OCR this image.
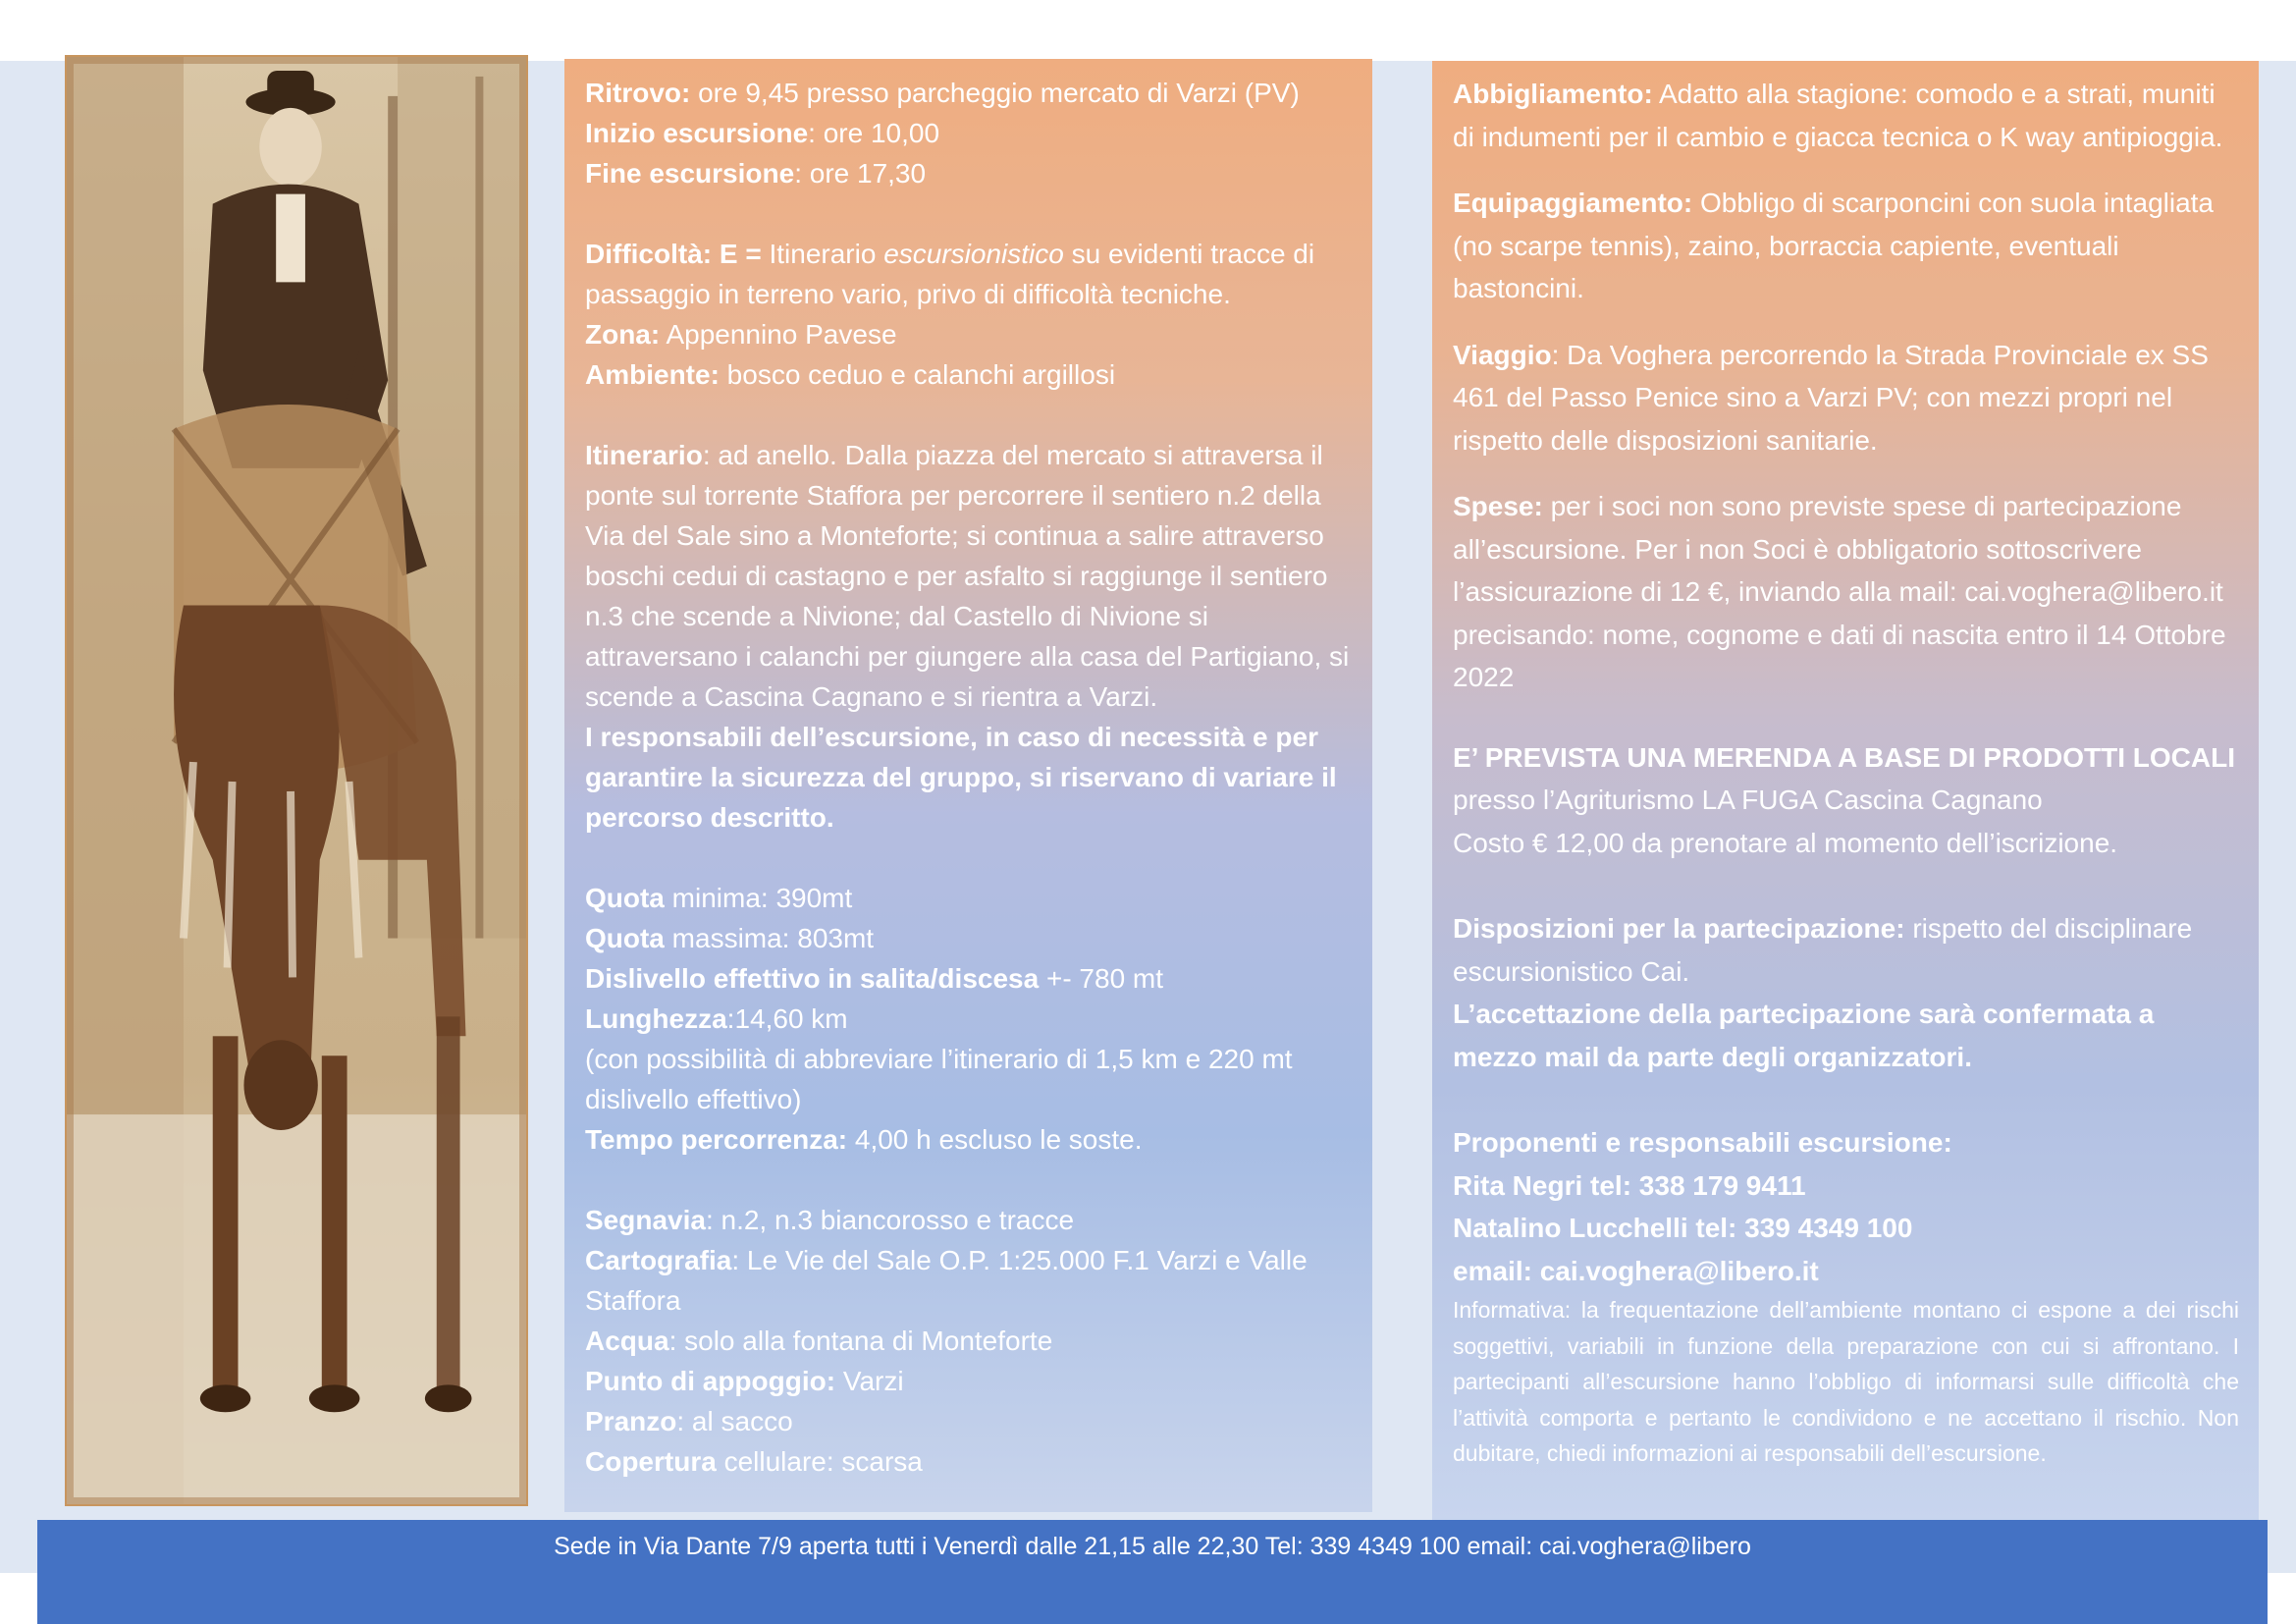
Ritrovo: ore 9,45 presso parcheggio mercato di Varzi (PV)

Inizio escursione: ore 10,00

Fine escursione: ore 17,30

Difficoltà: E = Itinerario escursionistico su evidenti tracce di passaggio in terreno vario, privo di difficoltà tecniche.

Zona: Appennino Pavese

Ambiente: bosco ceduo e calanchi argillosi

Itinerario: ad anello. Dalla piazza del mercato si attraversa il ponte sul torrente Staffora per percorrere il sentiero n.2 della Via del Sale sino a Monteforte; si continua a salire attraverso boschi cedui di castagno e per asfalto si raggiunge il sentiero n.3 che scende a Nivione; dal Castello di Nivione si attraversano i calanchi per giungere alla casa del Partigiano, si scende a Cascina Cagnano e si rientra a Varzi.

I responsabili dell’escursione, in caso di necessità e per garantire la sicurezza del gruppo, si riservano di variare il percorso descritto.

Quota minima: 390mt

Quota massima: 803mt

Dislivello effettivo in salita/discesa +- 780 mt

Lunghezza:14,60 km

(con possibilità di abbreviare l’itinerario di 1,5 km e 220 mt dislivello effettivo)

Tempo percorrenza: 4,00 h escluso le soste.

Segnavia: n.2, n.3 biancorosso e tracce

Cartografia: Le Vie del Sale O.P. 1:25.000 F.1 Varzi e Valle Staffora

Acqua: solo alla fontana di Monteforte

Punto di appoggio: Varzi

Pranzo: al sacco

Copertura cellulare: scarsa

Abbigliamento: Adatto alla stagione: comodo e a strati, muniti di indumenti per il cambio e giacca tecnica o K way antipioggia.

Equipaggiamento: Obbligo di scarponcini con suola intagliata (no scarpe tennis), zaino, borraccia capiente, eventuali bastoncini.

Viaggio: Da Voghera percorrendo la Strada Provinciale ex SS 461 del Passo Penice sino a Varzi PV; con mezzi propri nel rispetto delle disposizioni sanitarie.

Spese: per i soci non sono previste spese di partecipazione all’escursione. Per i non Soci è obbligatorio sottoscrivere l’assicurazione di 12 €, inviando alla mail: cai.voghera@libero.it precisando: nome, cognome e dati di nascita entro il 14 Ottobre 2022

E’ PREVISTA UNA MERENDA A BASE DI PRODOTTI LOCALI

presso l’Agriturismo LA FUGA Cascina Cagnano

Costo € 12,00 da prenotare al momento dell’iscrizione.

Disposizioni per la partecipazione: rispetto del disciplinare escursionistico Cai.

L’accettazione della partecipazione sarà confermata a mezzo mail da parte degli organizzatori.

Proponenti e responsabili escursione:

Rita Negri tel: 338 179 9411

Natalino Lucchelli tel: 339 4349 100

email: cai.voghera@libero.it

Informativa: la frequentazione dell’ambiente montano ci espone a dei rischi soggettivi, variabili in funzione della preparazione con cui si affrontano. I partecipanti all’escursione hanno l’obbligo di informarsi sulle difficoltà che l’attività comporta e pertanto le condividono e ne accettano il rischio. Non dubitare, chiedi informazioni ai responsabili dell’escursione.

Sede in Via Dante 7/9 aperta tutti i Venerdì dalle 21,15 alle 22,30 Tel: 339 4349 100 email: cai.voghera@libero
